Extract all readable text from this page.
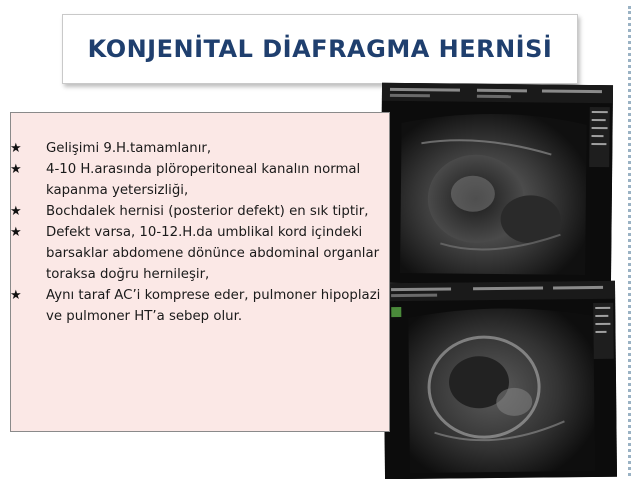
KONJENİTAL DİAFRAGMA HERNİSİ
★ Gelişimi 9.H.tamamlanır,
★ 4-10 H.arasında plöroperitoneal kanalın normal kapanma yetersizliği,
★ Bochdalek hernisi (posterior defekt) en sık tiptir,
★ Defekt varsa, 10-12.H.da umblikal kord içindeki barsaklar abdomene dönünce abdominal organlar toraksa doğru hernileşir,
★ Aynı taraf AC’i komprese eder, pulmoner hipoplazi ve pulmoner HT’a sebep olur.
